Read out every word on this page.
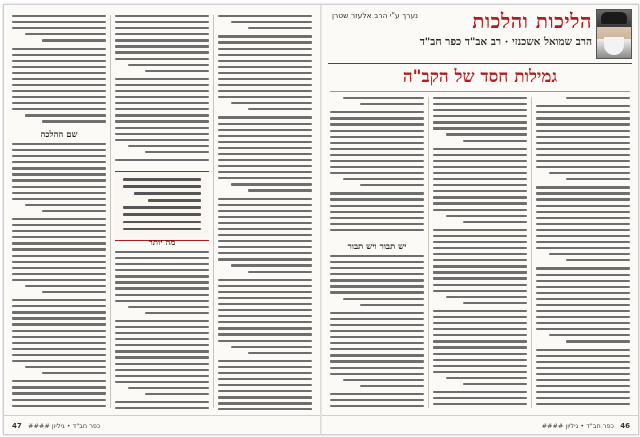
הליכות והלכות
הרב שמואל אשכנזי · רב אב"ד כפר חב"ד
נערך ע"י הרב אלעזר שטרן
גמילות חסד של הקב"ה
יש תבור ויש תבור
46
כפר חב"ד • גיליון ####
מה יותר
שם ההלכה
47 כפר חב"ד • גיליון ####
